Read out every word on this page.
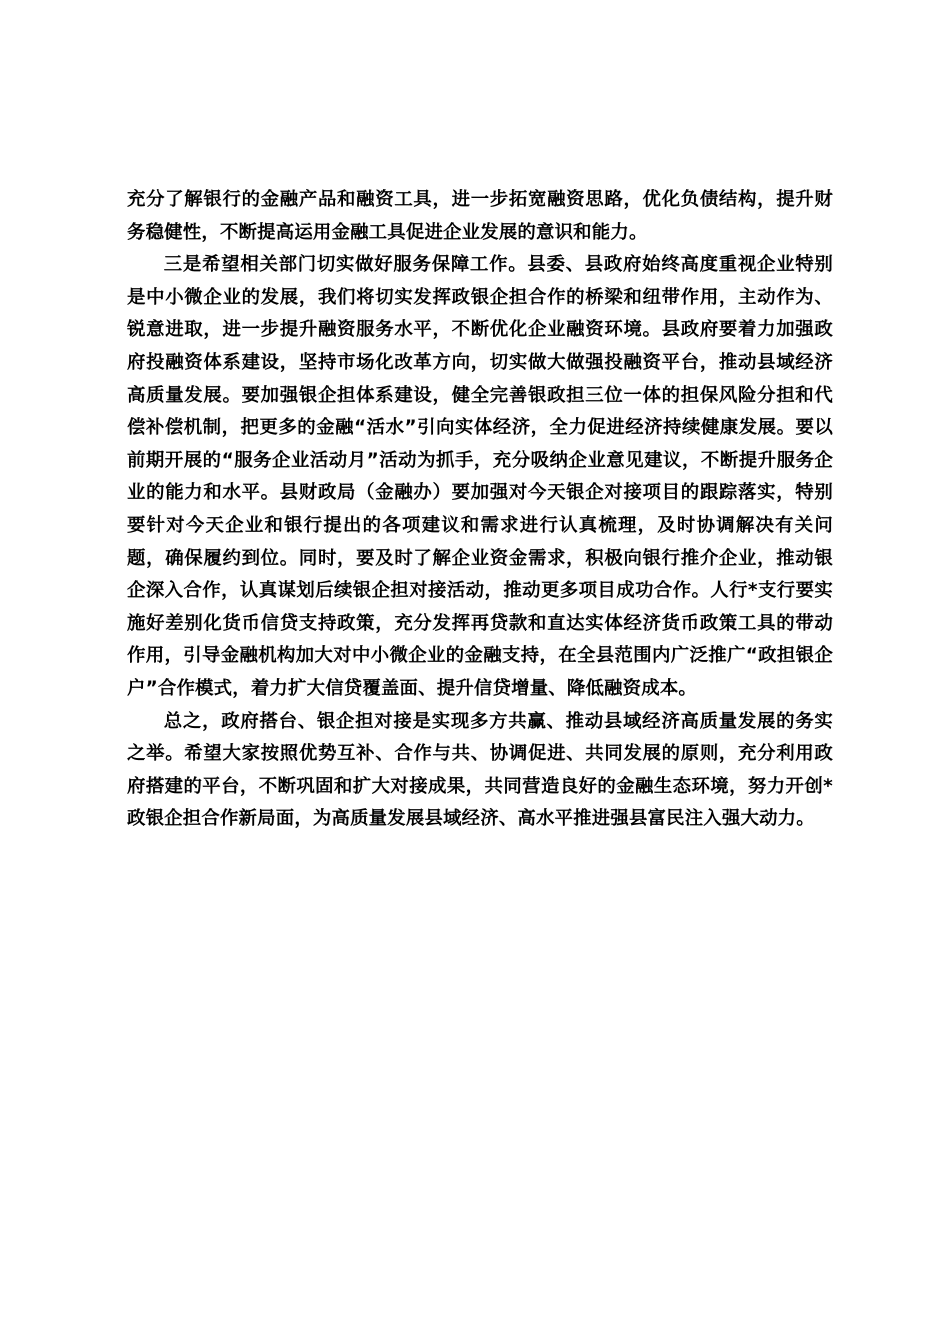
充分了解银行的金融产品和融资工具，进一步拓宽融资思路，优化负债结构，提升财务稳健性，不断提高运用金融工具促进企业发展的意识和能力。

三是希望相关部门切实做好服务保障工作。县委、县政府始终高度重视企业特别是中小微企业的发展，我们将切实发挥政银企担合作的桥梁和纽带作用，主动作为、锐意进取，进一步提升融资服务水平，不断优化企业融资环境。县政府要着力加强政府投融资体系建设，坚持市场化改革方向，切实做大做强投融资平台，推动县域经济高质量发展。要加强银企担体系建设，健全完善银政担三位一体的担保风险分担和代偿补偿机制，把更多的金融“活水”引向实体经济，全力促进经济持续健康发展。要以前期开展的“服务企业活动月”活动为抓手，充分吸纳企业意见建议，不断提升服务企业的能力和水平。县财政局（金融办）要加强对今天银企对接项目的跟踪落实，特别要针对今天企业和银行提出的各项建议和需求进行认真梳理，及时协调解决有关问题，确保履约到位。同时，要及时了解企业资金需求，积极向银行推介企业，推动银企深入合作，认真谋划后续银企担对接活动，推动更多项目成功合作。人行*支行要实施好差别化货币信贷支持政策，充分发挥再贷款和直达实体经济货币政策工具的带动作用，引导金融机构加大对中小微企业的金融支持，在全县范围内广泛推广“政担银企户”合作模式，着力扩大信贷覆盖面、提升信贷增量、降低融资成本。

总之，政府搭台、银企担对接是实现多方共赢、推动县域经济高质量发展的务实之举。希望大家按照优势互补、合作与共、协调促进、共同发展的原则，充分利用政府搭建的平台，不断巩固和扩大对接成果，共同营造良好的金融生态环境，努力开创*政银企担合作新局面，为高质量发展县域经济、高水平推进强县富民注入强大动力。
